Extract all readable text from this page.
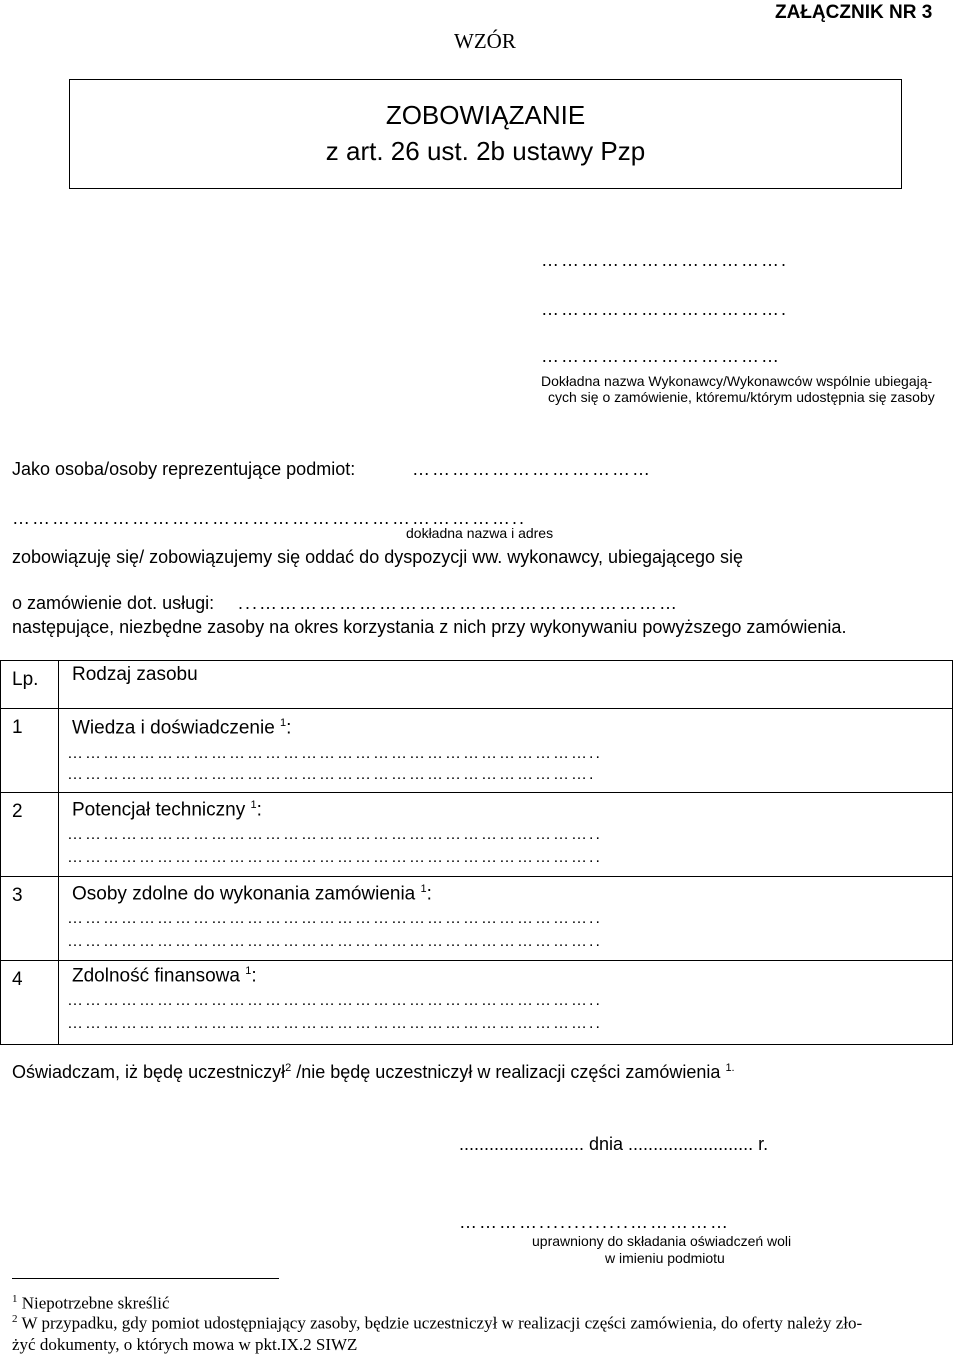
ZAŁĄCZNIK NR 3
WZÓR
ZOBOWIĄZANIE
z art. 26 ust. 2b ustawy Pzp
……………………………….
……………………………….
………………………………
Dokładna nazwa Wykonawcy/Wykonawców wspólnie ubiegają-
cych się o zamówienie, któremu/którym udostępnia się zasoby
Jako osoba/osoby reprezentujące podmiot:	………………………………
…………………………………………………………………..
dokładna nazwa i adres
zobowiązuję się/ zobowiązujemy się oddać do dyspozycji ww. wykonawcy, ubiegającego się
o zamówienie dot. usługi: ...………………………………………………………
następujące, niezbędne zasoby na okres korzystania z nich przy wykonywaniu powyższego zamówienia.
Lp.	Rodzaj zasobu

1	Wiedza i doświadczenie $^1$:
……………………………………………………………………………..
…………………………………………………………………………….

2	Potencjał techniczny $^1$:
……………………………………………………………………………..
……………………………………………………………………………..

3	Osoby zdolne do wykonania zamówienia $^1$:
……………………………………………………………………………..
……………………………………………………………………………..

4	Zdolność finansowa $^1$:
……………………………………………………………………………..
……………………………………………………………………………..
Oświadczam, iż będę uczestniczył$^2$ /nie będę uczestniczył w realizacji części zamówienia $^{1.}$
......................... dnia ......................... r.
………….............……………
uprawniony do składania oświadczeń woli
w imieniu podmiotu
$^1$ Niepotrzebne skreślić
$^2$ W przypadku, gdy pomiot udostępniający zasoby, będzie uczestniczył w realizacji części zamówienia, do oferty należy zło-
żyć dokumenty, o których mowa w pkt.IX.2 SIWZ
